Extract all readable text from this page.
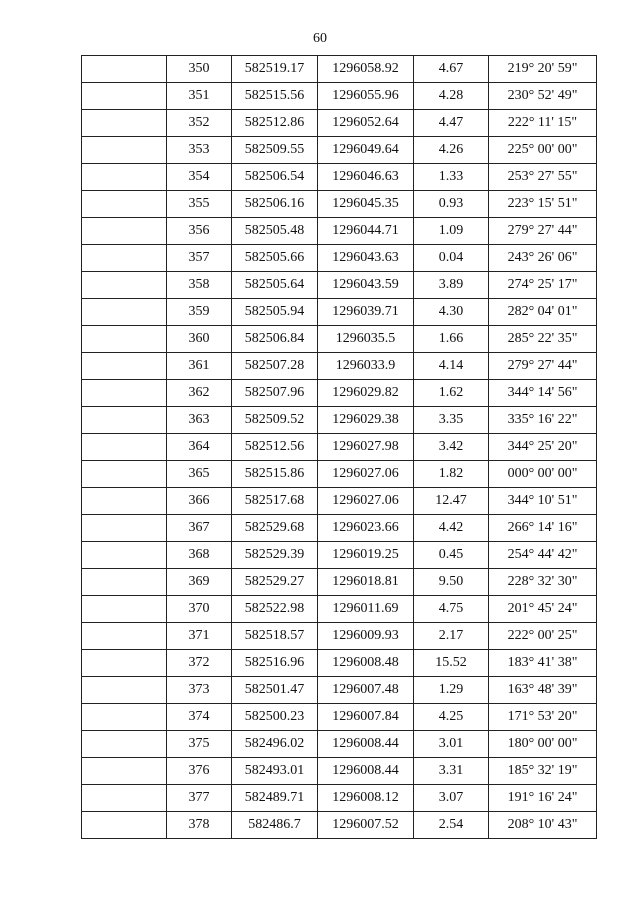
60
	350	582519.17	1296058.92	4.67	219° 20' 59"
	351	582515.56	1296055.96	4.28	230° 52' 49"
	352	582512.86	1296052.64	4.47	222° 11' 15"
	353	582509.55	1296049.64	4.26	225° 00' 00"
	354	582506.54	1296046.63	1.33	253° 27' 55"
	355	582506.16	1296045.35	0.93	223° 15' 51"
	356	582505.48	1296044.71	1.09	279° 27' 44"
	357	582505.66	1296043.63	0.04	243° 26' 06"
	358	582505.64	1296043.59	3.89	274° 25' 17"
	359	582505.94	1296039.71	4.30	282° 04' 01"
	360	582506.84	1296035.5	1.66	285° 22' 35"
	361	582507.28	1296033.9	4.14	279° 27' 44"
	362	582507.96	1296029.82	1.62	344° 14' 56"
	363	582509.52	1296029.38	3.35	335° 16' 22"
	364	582512.56	1296027.98	3.42	344° 25' 20"
	365	582515.86	1296027.06	1.82	000° 00' 00"
	366	582517.68	1296027.06	12.47	344° 10' 51"
	367	582529.68	1296023.66	4.42	266° 14' 16"
	368	582529.39	1296019.25	0.45	254° 44' 42"
	369	582529.27	1296018.81	9.50	228° 32' 30"
	370	582522.98	1296011.69	4.75	201° 45' 24"
	371	582518.57	1296009.93	2.17	222° 00' 25"
	372	582516.96	1296008.48	15.52	183° 41' 38"
	373	582501.47	1296007.48	1.29	163° 48' 39"
	374	582500.23	1296007.84	4.25	171° 53' 20"
	375	582496.02	1296008.44	3.01	180° 00' 00"
	376	582493.01	1296008.44	3.31	185° 32' 19"
	377	582489.71	1296008.12	3.07	191° 16' 24"
	378	582486.7	1296007.52	2.54	208° 10' 43"
